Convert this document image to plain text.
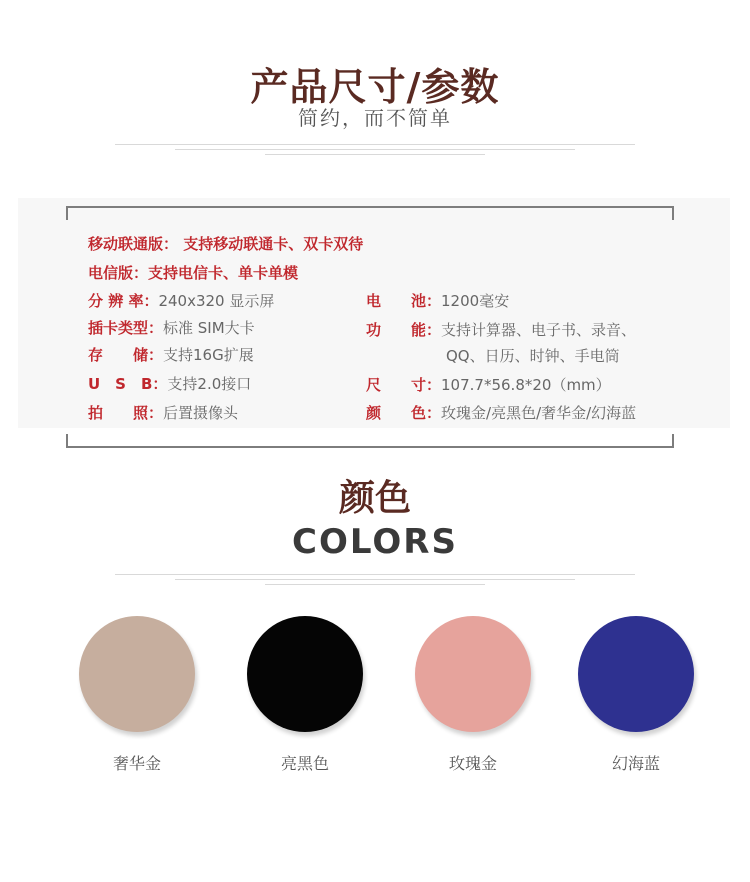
产品尺寸/参数
简约，而不简单
移动联通版： 支持移动联通卡、双卡双待
电信版：支持电信卡、单卡单模
分 辨 率：240x320 显示屏
插卡类型：标准 SIM大卡
存　　储：支持16G扩展
U　S　B：支持2.0接口
拍　　照：后置摄像头
电　　池：1200毫安
功　　能：支持计算器、电子书、录音、
QQ、日历、时钟、手电筒
尺　　寸：107.7*56.8*20（mm）
颜　　色：玫瑰金/亮黑色/奢华金/幻海蓝
颜色
COLORS
奢华金	亮黑色	玫瑰金	幻海蓝
